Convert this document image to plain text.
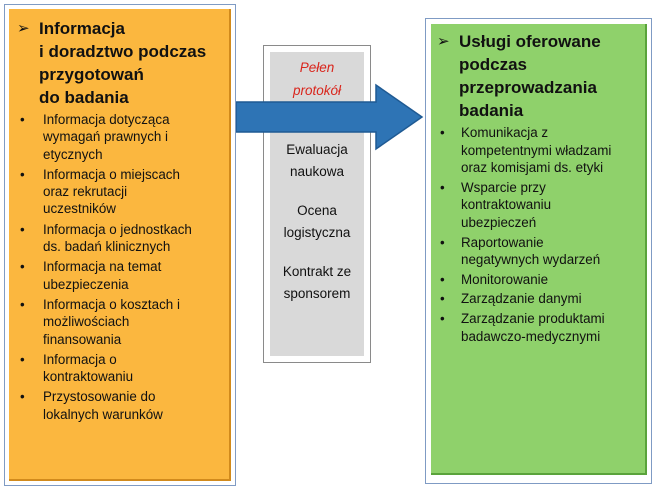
➢ Informacja
i doradztwo podczas
przygotowań
do badania
• Informacja dotycząca
wymagań prawnych i
etycznych
• Informacja o miejscach
oraz rekrutacji
uczestników
• Informacja o jednostkach
ds. badań klinicznych
• Informacja na temat
ubezpieczenia
• Informacja o kosztach i
możliwościach
finansowania
• Informacja o
kontraktowaniu
• Przystosowanie do
lokalnych warunków
Pełen
protokół
Ewaluacja
naukowa
Ocena
logistyczna
Kontrakt ze
sponsorem
➢ Usługi oferowane
podczas
przeprowadzania
badania
• Komunikacja z
kompetentnymi władzami
oraz komisjami ds. etyki
• Wsparcie przy
kontraktowaniu
ubezpieczeń
• Raportowanie
negatywnych wydarzeń
• Monitorowanie
• Zarządzanie danymi
• Zarządzanie produktami
badawczo-medycznymi
